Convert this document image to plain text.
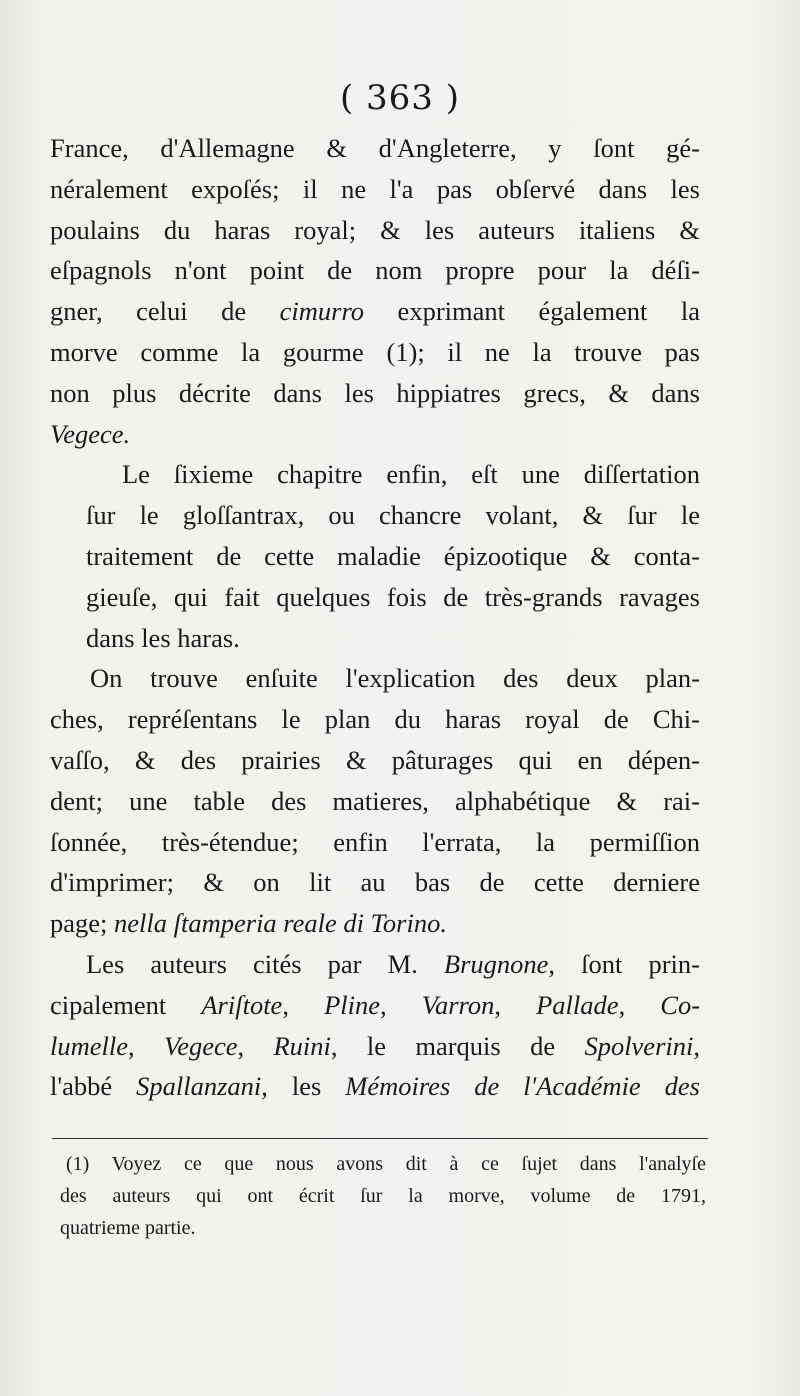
( 363 )

France, d'Allemagne & d'Angleterre, y ſont gé-
néralement expoſés; il ne l'a pas obſervé dans les
poulains du haras royal; & les auteurs italiens &
eſpagnols n'ont point de nom propre pour la déſi-
gner, celui de cimurro exprimant également la
morve comme la gourme (1); il ne la trouve pas
non plus décrite dans les hippiatres grecs, & dans
Vegece.

Le ſixieme chapitre enfin, eſt une diſſertation
ſur le gloſſantrax, ou chancre volant, & ſur le
traitement de cette maladie épizootique & conta-
gieuſe, qui fait quelques fois de très-grands ravages
dans les haras.

On trouve enſuite l'explication des deux plan-
ches, repréſentans le plan du haras royal de Chi-
vaſſo, & des prairies & pâturages qui en dépen-
dent; une table des matieres, alphabétique & rai-
ſonnée, très-étendue; enfin l'errata, la permiſſion
d'imprimer; & on lit au bas de cette derniere
page; nella ſtamperia reale di Torino.

Les auteurs cités par M. Brugnone, ſont prin-
cipalement Ariſtote, Pline, Varron, Pallade, Co-
lumelle, Vegece, Ruini, le marquis de Spolverini,
l'abbé Spallanzani, les Mémoires de l'Académie des

(1) Voyez ce que nous avons dit à ce ſujet dans l'analyſe
des auteurs qui ont écrit ſur la morve, volume de 1791,
quatrieme partie.
